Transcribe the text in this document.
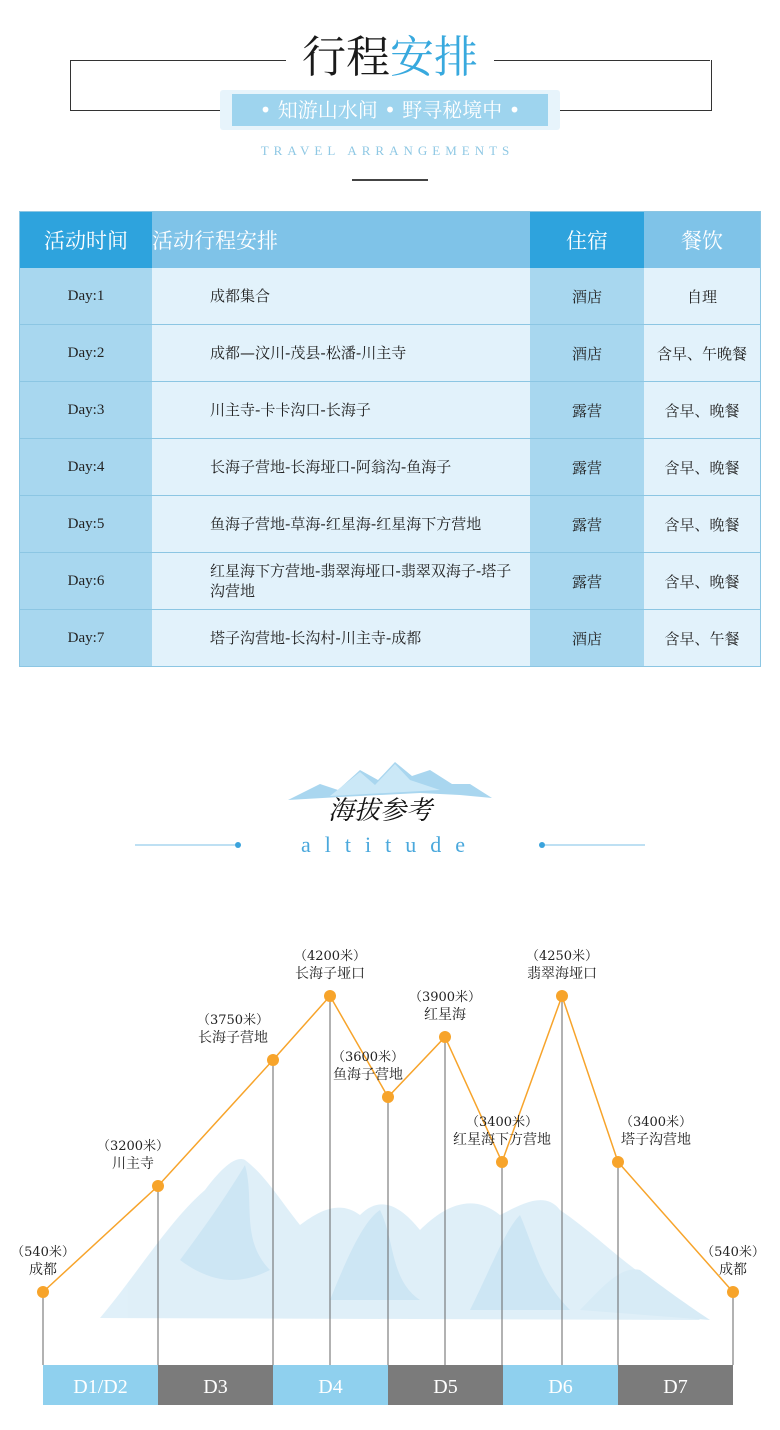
行程安排
• 知游山水间 • 野寻秘境中 •
TRAVEL ARRANGEMENTS
活动时间	活动行程安排	住宿	餐饮
Day:1	成都集合	酒店	自理
Day:2	成都—汶川-茂县-松潘-川主寺	酒店	含早、午晚餐
Day:3	川主寺-卡卡沟口-长海子	露营	含早、晚餐
Day:4	长海子营地-长海垭口-阿翁沟-鱼海子	露营	含早、晚餐
Day:5	鱼海子营地-草海-红星海-红星海下方营地	露营	含早、晚餐
Day:6	红星海下方营地-翡翠海垭口-翡翠双海子-塔子沟营地	露营	含早、晚餐
Day:7	塔子沟营地-长沟村-川主寺-成都	酒店	含早、午餐
（540米）
成都
（3200米）
川主寺
（3750米）
长海子营地
（4200米）
长海子垭口
（3600米）
鱼海子营地
（3900米）
红星海
（3400米）
红星海下方营地
（4250米）
翡翠海垭口
（3400米）
塔子沟营地
（540米）
成都
D1/D2	D3	D4	D5	D6	D7
海拔参考
altitude
